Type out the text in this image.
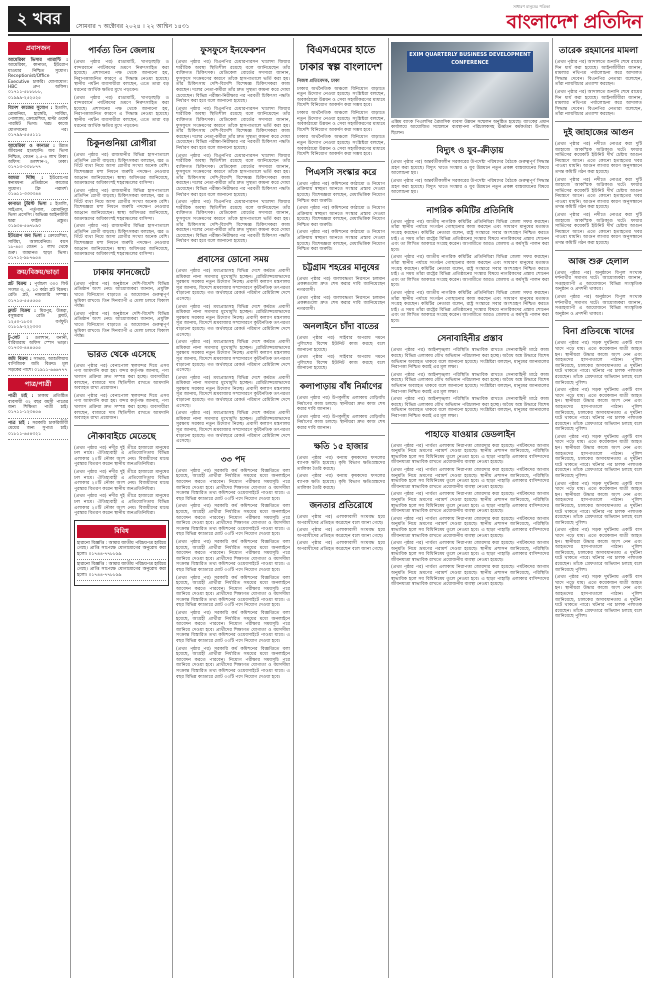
২ খবর	সোমবার ৭ অক্টোবর ২০২৪ । ২২ আশ্বিন ১৪৩১
সাধারণ মানুষের পত্রিকা
বাংলাদেশ প্রতিদিন
প্রবাসজন
আমেরিকা ভিসার গ্যারান্টি : আমেরিকা, কানাডা, ইউরোপ যাওয়ার নিশ্চিত সুযোগ। Receptionist/Office Executive চাকরি। যোগাযোগ: HBC গ্রুপ অফিস। ০১৭১১-৫৮৮৮৮৮, ০১৯৯৯-২৫২৫২৫
বিদেশ কাজের সুযোগ : ইতালি, রোমানিয়া, হাঙ্গেরি, সার্বিয়া, পোল্যান্ড, ক্রোয়েশিয়া, মাল্টা ওয়ার্ক পারমিট ভিসা। খরচ কাজে যোগদানের পর। ০১৭৯৯-৫৫৫১১১
আমেরিকা ও কানাডা : উন্নত জীবনের হাতছানি। জব ভিসা নিশ্চিত, বেতন ২.৫-৪ লাখ টাকা। অফিস: গুলশান-২, ঢাকা। ০১৭১৩-০০৮৮৭৭
আমরা দিচ্ছি : ইউরোপের স্বনামধন্য প্রতিষ্ঠানে কাজের সুযোগ। ফ্রি পরামর্শ। ০১৬১১-৩৩৩৩৪৪
কানাডা টুরিস্ট ভিসা : ইতালি, সাইপ্রাস, পর্তুগাল, রোমানিয়া ভিসা প্রসেসিং। অভিজ্ঞ আইনজীবী দ্বারা ফাইল প্রস্তুত। ০১৯৩৪-৫৬৭৮৯০
ইউরোপ জব ভিসা : ক্রোয়েশিয়া, সার্বিয়া, আলবেনিয়া। বয়স ১৮-৪৫। বেতন ১ লাখ থেকে শুরু। জামানত ছাড়া ভিসা। ০১৭১২-৯৮৭৬৫৪
ক্রয়/বিক্রয়/ভাড়া
প্লট বিক্রয় : পূর্বাচল ৩০০ ফিট সংলগ্ন ৩, ৫, ১০ কাঠা প্লট বিক্রয়। রেডি প্লট, নামজারি সম্পন্ন। ০১৭১৫-৫৫৫৫৫৫
ফ্ল্যাট বিক্রয় : মিরপুর, উত্তরা, বসুন্ধরায় রেডি ফ্ল্যাট, ১২৫০-১৮০০ বর্গফুট। ০১৮১৯-২২২৩৩৩
টু-লেট : গুলশান, বনানী, বারিধারায় অফিস স্পেস ভাড়া। ০১৭৩০-৪৪৪৫৫৫
জমি বিক্রয় : সাভার, আশুলিয়ায় বাণিজ্যিক জমি বিক্রয়। মূল সড়কের পাশে। ০১৯১১-৬৬৬৭৭৭
পাত্র/পাত্রী
পাত্রী চাই : ঢাকায় প্রতিষ্ঠিত ব্যবসায়ী ৩২ বছর বয়সী পাত্রের জন্য শিক্ষিতা পাত্রী চাই। ০১৭১১-১২৩৪৫৬
পাত্র চাই : সরকারি চাকরিজীবী মেয়ের জন্য সুপাত্র চাই। ০১৮১১-৬৫৪৩২১
পার্বত্য তিন জেলায়
(প্রথম পৃষ্ঠার পর) রাঙামাটি, খাগড়াছড়ি ও বান্দরবানে পর্যটকদের ভ্রমণে নিরুৎসাহিত করা হয়েছে। প্রশাসনের পক্ষ থেকে জানানো হয়, নিরাপত্তাজনিত কারণে এ সিদ্ধান্ত নেওয়া হয়েছে। স্থানীয় পর্যটন ব্যবসায়ীরা বলছেন, এতে তারা বড় ধরনের আর্থিক ক্ষতির মুখে পড়বেন।
(প্রথম পৃষ্ঠার পর) রাঙামাটি, খাগড়াছড়ি ও বান্দরবানে পর্যটকদের ভ্রমণে নিরুৎসাহিত করা হয়েছে। প্রশাসনের পক্ষ থেকে জানানো হয়, নিরাপত্তাজনিত কারণে এ সিদ্ধান্ত নেওয়া হয়েছে। স্থানীয় পর্যটন ব্যবসায়ীরা বলছেন, এতে তারা বড় ধরনের আর্থিক ক্ষতির মুখে পড়বেন।
চিকুনগুনিয়া রোগীরা
(প্রথম পৃষ্ঠার পর) রাজধানীর বিভিন্ন হাসপাতালে প্রতিদিন রোগী বাড়ছে। চিকিৎসকরা বলছেন, জ্বর ও গিঁটে ব্যথা নিয়ে আসা রোগীর সংখ্যা অনেক বেশি। বিশেষজ্ঞরা মশা নিধনে জরুরি পদক্ষেপ নেওয়ার আহ্বান জানিয়েছেন। স্বাস্থ্য অধিদপ্তর জানিয়েছে, আক্রান্তদের অধিকাংশই শহরাঞ্চলের বাসিন্দা।
(প্রথম পৃষ্ঠার পর) রাজধানীর বিভিন্ন হাসপাতালে প্রতিদিন রোগী বাড়ছে। চিকিৎসকরা বলছেন, জ্বর ও গিঁটে ব্যথা নিয়ে আসা রোগীর সংখ্যা অনেক বেশি। বিশেষজ্ঞরা মশা নিধনে জরুরি পদক্ষেপ নেওয়ার আহ্বান জানিয়েছেন। স্বাস্থ্য অধিদপ্তর জানিয়েছে, আক্রান্তদের অধিকাংশই শহরাঞ্চলের বাসিন্দা।
(প্রথম পৃষ্ঠার পর) রাজধানীর বিভিন্ন হাসপাতালে প্রতিদিন রোগী বাড়ছে। চিকিৎসকরা বলছেন, জ্বর ও গিঁটে ব্যথা নিয়ে আসা রোগীর সংখ্যা অনেক বেশি। বিশেষজ্ঞরা মশা নিধনে জরুরি পদক্ষেপ নেওয়ার আহ্বান জানিয়েছেন। স্বাস্থ্য অধিদপ্তর জানিয়েছে, আক্রান্তদের অধিকাংশই শহরাঞ্চলের বাসিন্দা।
ঢাকায় ফানজেটে
(প্রথম পৃষ্ঠার পর) অনুষ্ঠানে দেশি-বিদেশি বিভিন্ন প্রতিষ্ঠান অংশ নেয়। আয়োজকরা জানান, প্রযুক্তি খাতে বিনিয়োগ বাড়াতে এ আয়োজন গুরুত্বপূর্ণ ভূমিকা রাখবে। তিন দিনব্যাপী এ মেলা চলবে বিকাল পর্যন্ত।
(প্রথম পৃষ্ঠার পর) অনুষ্ঠানে দেশি-বিদেশি বিভিন্ন প্রতিষ্ঠান অংশ নেয়। আয়োজকরা জানান, প্রযুক্তি খাতে বিনিয়োগ বাড়াতে এ আয়োজন গুরুত্বপূর্ণ ভূমিকা রাখবে। তিন দিনব্যাপী এ মেলা চলবে বিকাল পর্যন্ত।
ভারত থেকে এসেছে
(প্রথম পৃষ্ঠার পর) বেনাপোল স্থলবন্দর দিয়ে এসব পণ্য আমদানি করা হয়। বন্দর কর্তৃপক্ষ জানায়, পণ্য খালাস প্রক্রিয়া দ্রুত সম্পন্ন করা হচ্ছে। ব্যবসায়ীরা বলছেন, বাজারে দাম স্থিতিশীল রাখতে আমদানি অব্যাহত রাখা প্রয়োজন।
(প্রথম পৃষ্ঠার পর) বেনাপোল স্থলবন্দর দিয়ে এসব পণ্য আমদানি করা হয়। বন্দর কর্তৃপক্ষ জানায়, পণ্য খালাস প্রক্রিয়া দ্রুত সম্পন্ন করা হচ্ছে। ব্যবসায়ীরা বলছেন, বাজারে দাম স্থিতিশীল রাখতে আমদানি অব্যাহত রাখা প্রয়োজন।
নৌকাবাইচে মেতেছে
(প্রথম পৃষ্ঠার পর) নদীর দুই তীরে হাজারো মানুষের ঢল নামে। ঐতিহ্যবাহী এ প্রতিযোগিতায় বিভিন্ন এলাকার ২০টি নৌকা অংশ নেয়। বিজয়ীদের মাঝে পুরস্কার বিতরণ করেন স্থানীয় জনপ্রতিনিধিরা।
(প্রথম পৃষ্ঠার পর) নদীর দুই তীরে হাজারো মানুষের ঢল নামে। ঐতিহ্যবাহী এ প্রতিযোগিতায় বিভিন্ন এলাকার ২০টি নৌকা অংশ নেয়। বিজয়ীদের মাঝে পুরস্কার বিতরণ করেন স্থানীয় জনপ্রতিনিধিরা।
(প্রথম পৃষ্ঠার পর) নদীর দুই তীরে হাজারো মানুষের ঢল নামে। ঐতিহ্যবাহী এ প্রতিযোগিতায় বিভিন্ন এলাকার ২০টি নৌকা অংশ নেয়। বিজয়ীদের মাঝে পুরস্কার বিতরণ করেন স্থানীয় জনপ্রতিনিধিরা।
বিবিধ
হারানো বিজ্ঞপ্তি : আমার জাতীয় পরিচয়পত্র হারিয়ে গেছে। প্রাপ্তি সাপেক্ষে যোগাযোগের অনুরোধ করা হলো। ০১৭৪৪-৭৭৮৮৯৯
হারানো বিজ্ঞপ্তি : আমার জাতীয় পরিচয়পত্র হারিয়ে গেছে। প্রাপ্তি সাপেক্ষে যোগাযোগের অনুরোধ করা হলো। ০১৭৪৪-৭৭৮৮৯৯
ফুসফুসে ইনফেকশন
(প্রথম পৃষ্ঠার পর) বিএনপির চেয়ারপারসন খালেদা জিয়ার শারীরিক অবস্থা স্থিতিশীল রয়েছে বলে জানিয়েছেন তাঁর ব্যক্তিগত চিকিৎসক। মেডিকেল বোর্ডের সদস্যরা জানান, ফুসফুসে সংক্রমণের কারণে তাঁকে হাসপাতালে ভর্তি করা হয়। তাঁর চিকিৎসায় দেশি-বিদেশি বিশেষজ্ঞ চিকিৎসকরা কাজ করছেন। দলের নেতা-কর্মীরা তাঁর দ্রুত সুস্থতা কামনা করে দোয়া চেয়েছেন। বিভিন্ন পরীক্ষা-নিরীক্ষার পর পরবর্তী চিকিৎসা পদ্ধতি নির্ধারণ করা হবে বলে জানানো হয়েছে।
(প্রথম পৃষ্ঠার পর) বিএনপির চেয়ারপারসন খালেদা জিয়ার শারীরিক অবস্থা স্থিতিশীল রয়েছে বলে জানিয়েছেন তাঁর ব্যক্তিগত চিকিৎসক। মেডিকেল বোর্ডের সদস্যরা জানান, ফুসফুসে সংক্রমণের কারণে তাঁকে হাসপাতালে ভর্তি করা হয়। তাঁর চিকিৎসায় দেশি-বিদেশি বিশেষজ্ঞ চিকিৎসকরা কাজ করছেন। দলের নেতা-কর্মীরা তাঁর দ্রুত সুস্থতা কামনা করে দোয়া চেয়েছেন। বিভিন্ন পরীক্ষা-নিরীক্ষার পর পরবর্তী চিকিৎসা পদ্ধতি নির্ধারণ করা হবে বলে জানানো হয়েছে।
(প্রথম পৃষ্ঠার পর) বিএনপির চেয়ারপারসন খালেদা জিয়ার শারীরিক অবস্থা স্থিতিশীল রয়েছে বলে জানিয়েছেন তাঁর ব্যক্তিগত চিকিৎসক। মেডিকেল বোর্ডের সদস্যরা জানান, ফুসফুসে সংক্রমণের কারণে তাঁকে হাসপাতালে ভর্তি করা হয়। তাঁর চিকিৎসায় দেশি-বিদেশি বিশেষজ্ঞ চিকিৎসকরা কাজ করছেন। দলের নেতা-কর্মীরা তাঁর দ্রুত সুস্থতা কামনা করে দোয়া চেয়েছেন। বিভিন্ন পরীক্ষা-নিরীক্ষার পর পরবর্তী চিকিৎসা পদ্ধতি নির্ধারণ করা হবে বলে জানানো হয়েছে।
(প্রথম পৃষ্ঠার পর) বিএনপির চেয়ারপারসন খালেদা জিয়ার শারীরিক অবস্থা স্থিতিশীল রয়েছে বলে জানিয়েছেন তাঁর ব্যক্তিগত চিকিৎসক। মেডিকেল বোর্ডের সদস্যরা জানান, ফুসফুসে সংক্রমণের কারণে তাঁকে হাসপাতালে ভর্তি করা হয়। তাঁর চিকিৎসায় দেশি-বিদেশি বিশেষজ্ঞ চিকিৎসকরা কাজ করছেন। দলের নেতা-কর্মীরা তাঁর দ্রুত সুস্থতা কামনা করে দোয়া চেয়েছেন। বিভিন্ন পরীক্ষা-নিরীক্ষার পর পরবর্তী চিকিৎসা পদ্ধতি নির্ধারণ করা হবে বলে জানানো হয়েছে।
প্রবাসের ডোনো সময়
(প্রথম পৃষ্ঠার পর) মধ্যপ্রাচ্যসহ বিভিন্ন দেশে কর্মরত প্রবাসী শ্রমিকরা নানা সমস্যার মুখোমুখি হচ্ছেন। রেমিট্যান্সযোদ্ধাদের সুরক্ষায় সরকার নতুন উদ্যোগ নিচ্ছে। প্রবাসী কল্যাণ মন্ত্রণালয় সূত্র জানায়, বিদেশে শ্রমবাজার সম্প্রসারণে কূটনৈতিক তৎপরতা বাড়ানো হয়েছে। গত অর্থবছরে রেকর্ড পরিমাণ রেমিট্যান্স দেশে এসেছে।
(প্রথম পৃষ্ঠার পর) মধ্যপ্রাচ্যসহ বিভিন্ন দেশে কর্মরত প্রবাসী শ্রমিকরা নানা সমস্যার মুখোমুখি হচ্ছেন। রেমিট্যান্সযোদ্ধাদের সুরক্ষায় সরকার নতুন উদ্যোগ নিচ্ছে। প্রবাসী কল্যাণ মন্ত্রণালয় সূত্র জানায়, বিদেশে শ্রমবাজার সম্প্রসারণে কূটনৈতিক তৎপরতা বাড়ানো হয়েছে। গত অর্থবছরে রেকর্ড পরিমাণ রেমিট্যান্স দেশে এসেছে।
(প্রথম পৃষ্ঠার পর) মধ্যপ্রাচ্যসহ বিভিন্ন দেশে কর্মরত প্রবাসী শ্রমিকরা নানা সমস্যার মুখোমুখি হচ্ছেন। রেমিট্যান্সযোদ্ধাদের সুরক্ষায় সরকার নতুন উদ্যোগ নিচ্ছে। প্রবাসী কল্যাণ মন্ত্রণালয় সূত্র জানায়, বিদেশে শ্রমবাজার সম্প্রসারণে কূটনৈতিক তৎপরতা বাড়ানো হয়েছে। গত অর্থবছরে রেকর্ড পরিমাণ রেমিট্যান্স দেশে এসেছে।
(প্রথম পৃষ্ঠার পর) মধ্যপ্রাচ্যসহ বিভিন্ন দেশে কর্মরত প্রবাসী শ্রমিকরা নানা সমস্যার মুখোমুখি হচ্ছেন। রেমিট্যান্সযোদ্ধাদের সুরক্ষায় সরকার নতুন উদ্যোগ নিচ্ছে। প্রবাসী কল্যাণ মন্ত্রণালয় সূত্র জানায়, বিদেশে শ্রমবাজার সম্প্রসারণে কূটনৈতিক তৎপরতা বাড়ানো হয়েছে। গত অর্থবছরে রেকর্ড পরিমাণ রেমিট্যান্স দেশে এসেছে।
(প্রথম পৃষ্ঠার পর) মধ্যপ্রাচ্যসহ বিভিন্ন দেশে কর্মরত প্রবাসী শ্রমিকরা নানা সমস্যার মুখোমুখি হচ্ছেন। রেমিট্যান্সযোদ্ধাদের সুরক্ষায় সরকার নতুন উদ্যোগ নিচ্ছে। প্রবাসী কল্যাণ মন্ত্রণালয় সূত্র জানায়, বিদেশে শ্রমবাজার সম্প্রসারণে কূটনৈতিক তৎপরতা বাড়ানো হয়েছে। গত অর্থবছরে রেকর্ড পরিমাণ রেমিট্যান্স দেশে এসেছে।
৩৩ পদ
(প্রথম পৃষ্ঠার পর) সরকারি কর্ম কমিশনের বিজ্ঞপ্তিতে বলা হয়েছে, আগ্রহী প্রার্থীরা নির্ধারিত সময়ের মধ্যে অনলাইনে আবেদন করতে পারবেন। নিয়োগ পরীক্ষার সময়সূচি পরে জানিয়ে দেওয়া হবে। প্রার্থীদের শিক্ষাগত যোগ্যতা ও বয়সসীমা সংক্রান্ত বিস্তারিত তথ্য কমিশনের ওয়েবসাইটে পাওয়া যাবে। এ বছর বিভিন্ন ক্যাডারে মোট ৩৩টি পদে নিয়োগ দেওয়া হবে।
(প্রথম পৃষ্ঠার পর) সরকারি কর্ম কমিশনের বিজ্ঞপ্তিতে বলা হয়েছে, আগ্রহী প্রার্থীরা নির্ধারিত সময়ের মধ্যে অনলাইনে আবেদন করতে পারবেন। নিয়োগ পরীক্ষার সময়সূচি পরে জানিয়ে দেওয়া হবে। প্রার্থীদের শিক্ষাগত যোগ্যতা ও বয়সসীমা সংক্রান্ত বিস্তারিত তথ্য কমিশনের ওয়েবসাইটে পাওয়া যাবে। এ বছর বিভিন্ন ক্যাডারে মোট ৩৩টি পদে নিয়োগ দেওয়া হবে।
(প্রথম পৃষ্ঠার পর) সরকারি কর্ম কমিশনের বিজ্ঞপ্তিতে বলা হয়েছে, আগ্রহী প্রার্থীরা নির্ধারিত সময়ের মধ্যে অনলাইনে আবেদন করতে পারবেন। নিয়োগ পরীক্ষার সময়সূচি পরে জানিয়ে দেওয়া হবে। প্রার্থীদের শিক্ষাগত যোগ্যতা ও বয়সসীমা সংক্রান্ত বিস্তারিত তথ্য কমিশনের ওয়েবসাইটে পাওয়া যাবে। এ বছর বিভিন্ন ক্যাডারে মোট ৩৩টি পদে নিয়োগ দেওয়া হবে।
(প্রথম পৃষ্ঠার পর) সরকারি কর্ম কমিশনের বিজ্ঞপ্তিতে বলা হয়েছে, আগ্রহী প্রার্থীরা নির্ধারিত সময়ের মধ্যে অনলাইনে আবেদন করতে পারবেন। নিয়োগ পরীক্ষার সময়সূচি পরে জানিয়ে দেওয়া হবে। প্রার্থীদের শিক্ষাগত যোগ্যতা ও বয়সসীমা সংক্রান্ত বিস্তারিত তথ্য কমিশনের ওয়েবসাইটে পাওয়া যাবে। এ বছর বিভিন্ন ক্যাডারে মোট ৩৩টি পদে নিয়োগ দেওয়া হবে।
(প্রথম পৃষ্ঠার পর) সরকারি কর্ম কমিশনের বিজ্ঞপ্তিতে বলা হয়েছে, আগ্রহী প্রার্থীরা নির্ধারিত সময়ের মধ্যে অনলাইনে আবেদন করতে পারবেন। নিয়োগ পরীক্ষার সময়সূচি পরে জানিয়ে দেওয়া হবে। প্রার্থীদের শিক্ষাগত যোগ্যতা ও বয়সসীমা সংক্রান্ত বিস্তারিত তথ্য কমিশনের ওয়েবসাইটে পাওয়া যাবে। এ বছর বিভিন্ন ক্যাডারে মোট ৩৩টি পদে নিয়োগ দেওয়া হবে।
(প্রথম পৃষ্ঠার পর) সরকারি কর্ম কমিশনের বিজ্ঞপ্তিতে বলা হয়েছে, আগ্রহী প্রার্থীরা নির্ধারিত সময়ের মধ্যে অনলাইনে আবেদন করতে পারবেন। নিয়োগ পরীক্ষার সময়সূচি পরে জানিয়ে দেওয়া হবে। প্রার্থীদের শিক্ষাগত যোগ্যতা ও বয়সসীমা সংক্রান্ত বিস্তারিত তথ্য কমিশনের ওয়েবসাইটে পাওয়া যাবে। এ বছর বিভিন্ন ক্যাডারে মোট ৩৩টি পদে নিয়োগ দেওয়া হবে।
বিএসএমের হাতে ঢাকার স্বল্প বাংলাদেশ
নিজস্ব প্রতিবেদক, ঢাকা
ঢাকার অর্থনৈতিক অঞ্চলে বিনিয়োগ বাড়াতে নতুন উদ্যোগ নেওয়া হয়েছে। সংশ্লিষ্টরা বলছেন, অবকাঠামো উন্নয়ন ও সেবা সহজীকরণের মাধ্যমে বিদেশি বিনিয়োগ আকর্ষণ করা সম্ভব হবে।
ঢাকার অর্থনৈতিক অঞ্চলে বিনিয়োগ বাড়াতে নতুন উদ্যোগ নেওয়া হয়েছে। সংশ্লিষ্টরা বলছেন, অবকাঠামো উন্নয়ন ও সেবা সহজীকরণের মাধ্যমে বিদেশি বিনিয়োগ আকর্ষণ করা সম্ভব হবে।
ঢাকার অর্থনৈতিক অঞ্চলে বিনিয়োগ বাড়াতে নতুন উদ্যোগ নেওয়া হয়েছে। সংশ্লিষ্টরা বলছেন, অবকাঠামো উন্নয়ন ও সেবা সহজীকরণের মাধ্যমে বিদেশি বিনিয়োগ আকর্ষণ করা সম্ভব হবে।
পিএসসি সংস্কার করে
(প্রথম পৃষ্ঠার পর) কমিশনের কাঠামো ও নিয়োগ প্রক্রিয়ায় স্বচ্ছতা আনতে সংস্কার প্রস্তাব দেওয়া হয়েছে। বিশেষজ্ঞরা বলছেন, মেধাভিত্তিক নিয়োগ নিশ্চিত করা জরুরি।
(প্রথম পৃষ্ঠার পর) কমিশনের কাঠামো ও নিয়োগ প্রক্রিয়ায় স্বচ্ছতা আনতে সংস্কার প্রস্তাব দেওয়া হয়েছে। বিশেষজ্ঞরা বলছেন, মেধাভিত্তিক নিয়োগ নিশ্চিত করা জরুরি।
(প্রথম পৃষ্ঠার পর) কমিশনের কাঠামো ও নিয়োগ প্রক্রিয়ায় স্বচ্ছতা আনতে সংস্কার প্রস্তাব দেওয়া হয়েছে। বিশেষজ্ঞরা বলছেন, মেধাভিত্তিক নিয়োগ নিশ্চিত করা জরুরি।
চট্টগ্রাম শহরের মানুষের
(প্রথম পৃষ্ঠার পর) জলাবদ্ধতা নিরসনে চলমান প্রকল্পগুলো দ্রুত শেষ করার দাবি জানিয়েছেন নগরবাসী।
(প্রথম পৃষ্ঠার পর) জলাবদ্ধতা নিরসনে চলমান প্রকল্পগুলো দ্রুত শেষ করার দাবি জানিয়েছেন নগরবাসী।
অনলাইনে চাঁদা বাতের
(প্রথম পৃষ্ঠার পর) সাইবার অপরাধ দমনে পুলিশের বিশেষ ইউনিট কাজ করছে বলে জানানো হয়েছে।
(প্রথম পৃষ্ঠার পর) সাইবার অপরাধ দমনে পুলিশের বিশেষ ইউনিট কাজ করছে বলে জানানো হয়েছে।
কলাপাড়ায় বাঁধ নির্মাণের
(প্রথম পৃষ্ঠার পর) উপকূলীয় এলাকায় বেড়িবাঁধ নির্মাণের কাজ চলছে। স্থানীয়রা দ্রুত কাজ শেষ করার দাবি জানান।
(প্রথম পৃষ্ঠার পর) উপকূলীয় এলাকায় বেড়িবাঁধ নির্মাণের কাজ চলছে। স্থানীয়রা দ্রুত কাজ শেষ করার দাবি জানান।
ক্ষতি ১৫ হাজার
(প্রথম পৃষ্ঠার পর) বন্যায় কৃষকদের ফসলের ব্যাপক ক্ষতি হয়েছে। কৃষি বিভাগ ক্ষতিগ্রস্তদের তালিকা তৈরি করছে।
(প্রথম পৃষ্ঠার পর) বন্যায় কৃষকদের ফসলের ব্যাপক ক্ষতি হয়েছে। কৃষি বিভাগ ক্ষতিগ্রস্তদের তালিকা তৈরি করছে।
জনতার প্রতিরোধে
(প্রথম পৃষ্ঠার পর) এলাকাবাসী সংঘবদ্ধ হয়ে অপরাধীদের প্রতিহত করেছেন বলে জানা গেছে।
(প্রথম পৃষ্ঠার পর) এলাকাবাসী সংঘবদ্ধ হয়ে অপরাধীদের প্রতিহত করেছেন বলে জানা গেছে।
(প্রথম পৃষ্ঠার পর) এলাকাবাসী সংঘবদ্ধ হয়ে অপরাধীদের প্রতিহত করেছেন বলে জানা গেছে।
EXIM QUARTERLY BUSINESS DEVELOPMENT CONFERENCE
এক্সিম ব্যাংক পিএলসির ত্রৈমাসিক ব্যবসা উন্নয়ন সম্মেলন অনুষ্ঠিত হয়েছে। ব্যাংকের প্রধান কার্যালয়ে আয়োজিত সম্মেলনে ব্যবস্থাপনা পরিচালকসহ ঊর্ধ্বতন কর্মকর্তারা উপস্থিত ছিলেন।
বিদ্যুৎ ও যুব-ক্রীড়ায়
(প্রথম পৃষ্ঠার পর) অন্তর্বর্তীকালীন সরকারের উপদেষ্টা পরিষদের বৈঠকে গুরুত্বপূর্ণ সিদ্ধান্ত গ্রহণ করা হয়েছে। বিদ্যুৎ খাতে সংস্কার ও যুব উন্নয়নে নতুন প্রকল্প বাস্তবায়নের বিষয়ে আলোচনা হয়।
(প্রথম পৃষ্ঠার পর) অন্তর্বর্তীকালীন সরকারের উপদেষ্টা পরিষদের বৈঠকে গুরুত্বপূর্ণ সিদ্ধান্ত গ্রহণ করা হয়েছে। বিদ্যুৎ খাতে সংস্কার ও যুব উন্নয়নে নতুন প্রকল্প বাস্তবায়নের বিষয়ে আলোচনা হয়।
নাগরিক কমিটির প্রতিনিধি
(প্রথম পৃষ্ঠার পর) জাতীয় নাগরিক কমিটির প্রতিনিধিরা বিভিন্ন জেলা সফর করছেন। তাঁরা স্থানীয় পর্যায়ে সংগঠন গোছানোর কাজ করছেন এবং সাধারণ মানুষের মতামত সংগ্রহ করছেন। কমিটির নেতারা বলেন, রাষ্ট্র সংস্কারে সবার অংশগ্রহণ নিশ্চিত করতে চাই। এ সময় তাঁরা রাষ্ট্রের বিভিন্ন প্রতিষ্ঠানের সংস্কার বিষয়ে নাগরিকদের প্রস্তাব শোনেন এবং তা লিখিত আকারে সংগ্রহ করেন। আগামীতে আরও জেলায় এ কর্মসূচি পালন করা হবে।
(প্রথম পৃষ্ঠার পর) জাতীয় নাগরিক কমিটির প্রতিনিধিরা বিভিন্ন জেলা সফর করছেন। তাঁরা স্থানীয় পর্যায়ে সংগঠন গোছানোর কাজ করছেন এবং সাধারণ মানুষের মতামত সংগ্রহ করছেন। কমিটির নেতারা বলেন, রাষ্ট্র সংস্কারে সবার অংশগ্রহণ নিশ্চিত করতে চাই। এ সময় তাঁরা রাষ্ট্রের বিভিন্ন প্রতিষ্ঠানের সংস্কার বিষয়ে নাগরিকদের প্রস্তাব শোনেন এবং তা লিখিত আকারে সংগ্রহ করেন। আগামীতে আরও জেলায় এ কর্মসূচি পালন করা হবে।
(প্রথম পৃষ্ঠার পর) জাতীয় নাগরিক কমিটির প্রতিনিধিরা বিভিন্ন জেলা সফর করছেন। তাঁরা স্থানীয় পর্যায়ে সংগঠন গোছানোর কাজ করছেন এবং সাধারণ মানুষের মতামত সংগ্রহ করছেন। কমিটির নেতারা বলেন, রাষ্ট্র সংস্কারে সবার অংশগ্রহণ নিশ্চিত করতে চাই। এ সময় তাঁরা রাষ্ট্রের বিভিন্ন প্রতিষ্ঠানের সংস্কার বিষয়ে নাগরিকদের প্রস্তাব শোনেন এবং তা লিখিত আকারে সংগ্রহ করেন। আগামীতে আরও জেলায় এ কর্মসূচি পালন করা হবে।
সেনাবাহিনীর প্রস্তাব
(প্রথম পৃষ্ঠার পর) আইনশৃঙ্খলা পরিস্থিতি স্বাভাবিক রাখতে সেনাবাহিনী মাঠে কাজ করছে। বিভিন্ন এলাকায় যৌথ অভিযান পরিচালনা করা হচ্ছে। অবৈধ অস্ত্র উদ্ধারে বিশেষ অভিযান অব্যাহত থাকবে বলে জানানো হয়েছে। সংশ্লিষ্টরা বলছেন, মানুষের জানমালের নিরাপত্তা নিশ্চিত করাই এর মূল লক্ষ্য।
(প্রথম পৃষ্ঠার পর) আইনশৃঙ্খলা পরিস্থিতি স্বাভাবিক রাখতে সেনাবাহিনী মাঠে কাজ করছে। বিভিন্ন এলাকায় যৌথ অভিযান পরিচালনা করা হচ্ছে। অবৈধ অস্ত্র উদ্ধারে বিশেষ অভিযান অব্যাহত থাকবে বলে জানানো হয়েছে। সংশ্লিষ্টরা বলছেন, মানুষের জানমালের নিরাপত্তা নিশ্চিত করাই এর মূল লক্ষ্য।
(প্রথম পৃষ্ঠার পর) আইনশৃঙ্খলা পরিস্থিতি স্বাভাবিক রাখতে সেনাবাহিনী মাঠে কাজ করছে। বিভিন্ন এলাকায় যৌথ অভিযান পরিচালনা করা হচ্ছে। অবৈধ অস্ত্র উদ্ধারে বিশেষ অভিযান অব্যাহত থাকবে বলে জানানো হয়েছে। সংশ্লিষ্টরা বলছেন, মানুষের জানমালের নিরাপত্তা নিশ্চিত করাই এর মূল লক্ষ্য।
পাহাড়ে যাওয়ার ডেডলাইন
(প্রথম পৃষ্ঠার পর) পার্বত্য এলাকায় নিরাপত্তা জোরদার করা হয়েছে। পর্যটকদের আগাম অনুমতি নিয়ে ভ্রমণের পরামর্শ দেওয়া হয়েছে। স্থানীয় প্রশাসন জানিয়েছে, পরিস্থিতি স্বাভাবিক হলে সব বিধিনিষেধ তুলে নেওয়া হবে। এ ছাড়া পাহাড়ি এলাকার বাসিন্দাদের জীবনযাত্রা স্বাভাবিক রাখতে প্রয়োজনীয় ব্যবস্থা নেওয়া হয়েছে।
(প্রথম পৃষ্ঠার পর) পার্বত্য এলাকায় নিরাপত্তা জোরদার করা হয়েছে। পর্যটকদের আগাম অনুমতি নিয়ে ভ্রমণের পরামর্শ দেওয়া হয়েছে। স্থানীয় প্রশাসন জানিয়েছে, পরিস্থিতি স্বাভাবিক হলে সব বিধিনিষেধ তুলে নেওয়া হবে। এ ছাড়া পাহাড়ি এলাকার বাসিন্দাদের জীবনযাত্রা স্বাভাবিক রাখতে প্রয়োজনীয় ব্যবস্থা নেওয়া হয়েছে।
(প্রথম পৃষ্ঠার পর) পার্বত্য এলাকায় নিরাপত্তা জোরদার করা হয়েছে। পর্যটকদের আগাম অনুমতি নিয়ে ভ্রমণের পরামর্শ দেওয়া হয়েছে। স্থানীয় প্রশাসন জানিয়েছে, পরিস্থিতি স্বাভাবিক হলে সব বিধিনিষেধ তুলে নেওয়া হবে। এ ছাড়া পাহাড়ি এলাকার বাসিন্দাদের জীবনযাত্রা স্বাভাবিক রাখতে প্রয়োজনীয় ব্যবস্থা নেওয়া হয়েছে।
(প্রথম পৃষ্ঠার পর) পার্বত্য এলাকায় নিরাপত্তা জোরদার করা হয়েছে। পর্যটকদের আগাম অনুমতি নিয়ে ভ্রমণের পরামর্শ দেওয়া হয়েছে। স্থানীয় প্রশাসন জানিয়েছে, পরিস্থিতি স্বাভাবিক হলে সব বিধিনিষেধ তুলে নেওয়া হবে। এ ছাড়া পাহাড়ি এলাকার বাসিন্দাদের জীবনযাত্রা স্বাভাবিক রাখতে প্রয়োজনীয় ব্যবস্থা নেওয়া হয়েছে।
(প্রথম পৃষ্ঠার পর) পার্বত্য এলাকায় নিরাপত্তা জোরদার করা হয়েছে। পর্যটকদের আগাম অনুমতি নিয়ে ভ্রমণের পরামর্শ দেওয়া হয়েছে। স্থানীয় প্রশাসন জানিয়েছে, পরিস্থিতি স্বাভাবিক হলে সব বিধিনিষেধ তুলে নেওয়া হবে। এ ছাড়া পাহাড়ি এলাকার বাসিন্দাদের জীবনযাত্রা স্বাভাবিক রাখতে প্রয়োজনীয় ব্যবস্থা নেওয়া হয়েছে।
(প্রথম পৃষ্ঠার পর) পার্বত্য এলাকায় নিরাপত্তা জোরদার করা হয়েছে। পর্যটকদের আগাম অনুমতি নিয়ে ভ্রমণের পরামর্শ দেওয়া হয়েছে। স্থানীয় প্রশাসন জানিয়েছে, পরিস্থিতি স্বাভাবিক হলে সব বিধিনিষেধ তুলে নেওয়া হবে। এ ছাড়া পাহাড়ি এলাকার বাসিন্দাদের জীবনযাত্রা স্বাভাবিক রাখতে প্রয়োজনীয় ব্যবস্থা নেওয়া হয়েছে।
তারেক রহমানের মামলা
(প্রথম পৃষ্ঠার পর) আদালতে শুনানি শেষে রায়ের দিন ধার্য করা হয়েছে। আইনজীবীরা জানান, মামলার নথিপত্র পর্যালোচনা করে আদালত সিদ্ধান্ত দেবেন। বিএনপির নেতারা বলেছেন, তাঁরা ন্যায়বিচার প্রত্যাশা করছেন।
(প্রথম পৃষ্ঠার পর) আদালতে শুনানি শেষে রায়ের দিন ধার্য করা হয়েছে। আইনজীবীরা জানান, মামলার নথিপত্র পর্যালোচনা করে আদালত সিদ্ধান্ত দেবেন। বিএনপির নেতারা বলেছেন, তাঁরা ন্যায়বিচার প্রত্যাশা করছেন।
দুই জাহাজের আগুন
(প্রথম পৃষ্ঠার পর) নদীতে নোঙর করা দুটি জাহাজে আকস্মিক অগ্নিকাণ্ড ঘটে। ফায়ার সার্ভিসের কয়েকটি ইউনিট দীর্ঘ চেষ্টায় আগুন নিয়ন্ত্রণে আনে। এতে কোনো হতাহতের খবর পাওয়া যায়নি। আগুন লাগার কারণ অনুসন্ধানে তদন্ত কমিটি গঠন করা হয়েছে।
(প্রথম পৃষ্ঠার পর) নদীতে নোঙর করা দুটি জাহাজে আকস্মিক অগ্নিকাণ্ড ঘটে। ফায়ার সার্ভিসের কয়েকটি ইউনিট দীর্ঘ চেষ্টায় আগুন নিয়ন্ত্রণে আনে। এতে কোনো হতাহতের খবর পাওয়া যায়নি। আগুন লাগার কারণ অনুসন্ধানে তদন্ত কমিটি গঠন করা হয়েছে।
(প্রথম পৃষ্ঠার পর) নদীতে নোঙর করা দুটি জাহাজে আকস্মিক অগ্নিকাণ্ড ঘটে। ফায়ার সার্ভিসের কয়েকটি ইউনিট দীর্ঘ চেষ্টায় আগুন নিয়ন্ত্রণে আনে। এতে কোনো হতাহতের খবর পাওয়া যায়নি। আগুন লাগার কারণ অনুসন্ধানে তদন্ত কমিটি গঠন করা হয়েছে।
আজ শুরু হেলাল
(প্রথম পৃষ্ঠার পর) অনুষ্ঠানে বিপুল সংখ্যক দর্শনার্থীর সমাগম ঘটে। আয়োজকরা জানান, সপ্তাহব্যাপী এ আয়োজনে বিভিন্ন সাংস্কৃতিক অনুষ্ঠান ও প্রদর্শনী থাকবে।
(প্রথম পৃষ্ঠার পর) অনুষ্ঠানে বিপুল সংখ্যক দর্শনার্থীর সমাগম ঘটে। আয়োজকরা জানান, সপ্তাহব্যাপী এ আয়োজনে বিভিন্ন সাংস্কৃতিক অনুষ্ঠান ও প্রদর্শনী থাকবে।
বিনা প্রতিবন্ধে খাদের
(প্রথম পৃষ্ঠার পর) সড়ক দুর্ঘটনায় একটি বাস খাদে পড়ে যায়। এতে কয়েকজন যাত্রী আহত হন। স্থানীয়রা উদ্ধার কাজে অংশ নেন এবং আহতদের হাসপাতালে পাঠান। পুলিশ জানিয়েছে, চালকের অসাবধানতায় এ দুর্ঘটনা ঘটে থাকতে পারে। ঘটনার পর চালক পলাতক রয়েছেন। তাঁকে গ্রেফতারে অভিযান চলছে বলে জানিয়েছে পুলিশ।
(প্রথম পৃষ্ঠার পর) সড়ক দুর্ঘটনায় একটি বাস খাদে পড়ে যায়। এতে কয়েকজন যাত্রী আহত হন। স্থানীয়রা উদ্ধার কাজে অংশ নেন এবং আহতদের হাসপাতালে পাঠান। পুলিশ জানিয়েছে, চালকের অসাবধানতায় এ দুর্ঘটনা ঘটে থাকতে পারে। ঘটনার পর চালক পলাতক রয়েছেন। তাঁকে গ্রেফতারে অভিযান চলছে বলে জানিয়েছে পুলিশ।
(প্রথম পৃষ্ঠার পর) সড়ক দুর্ঘটনায় একটি বাস খাদে পড়ে যায়। এতে কয়েকজন যাত্রী আহত হন। স্থানীয়রা উদ্ধার কাজে অংশ নেন এবং আহতদের হাসপাতালে পাঠান। পুলিশ জানিয়েছে, চালকের অসাবধানতায় এ দুর্ঘটনা ঘটে থাকতে পারে। ঘটনার পর চালক পলাতক রয়েছেন। তাঁকে গ্রেফতারে অভিযান চলছে বলে জানিয়েছে পুলিশ।
(প্রথম পৃষ্ঠার পর) সড়ক দুর্ঘটনায় একটি বাস খাদে পড়ে যায়। এতে কয়েকজন যাত্রী আহত হন। স্থানীয়রা উদ্ধার কাজে অংশ নেন এবং আহতদের হাসপাতালে পাঠান। পুলিশ জানিয়েছে, চালকের অসাবধানতায় এ দুর্ঘটনা ঘটে থাকতে পারে। ঘটনার পর চালক পলাতক রয়েছেন। তাঁকে গ্রেফতারে অভিযান চলছে বলে জানিয়েছে পুলিশ।
(প্রথম পৃষ্ঠার পর) সড়ক দুর্ঘটনায় একটি বাস খাদে পড়ে যায়। এতে কয়েকজন যাত্রী আহত হন। স্থানীয়রা উদ্ধার কাজে অংশ নেন এবং আহতদের হাসপাতালে পাঠান। পুলিশ জানিয়েছে, চালকের অসাবধানতায় এ দুর্ঘটনা ঘটে থাকতে পারে। ঘটনার পর চালক পলাতক রয়েছেন। তাঁকে গ্রেফতারে অভিযান চলছে বলে জানিয়েছে পুলিশ।
(প্রথম পৃষ্ঠার পর) সড়ক দুর্ঘটনায় একটি বাস খাদে পড়ে যায়। এতে কয়েকজন যাত্রী আহত হন। স্থানীয়রা উদ্ধার কাজে অংশ নেন এবং আহতদের হাসপাতালে পাঠান। পুলিশ জানিয়েছে, চালকের অসাবধানতায় এ দুর্ঘটনা ঘটে থাকতে পারে। ঘটনার পর চালক পলাতক রয়েছেন। তাঁকে গ্রেফতারে অভিযান চলছে বলে জানিয়েছে পুলিশ।
